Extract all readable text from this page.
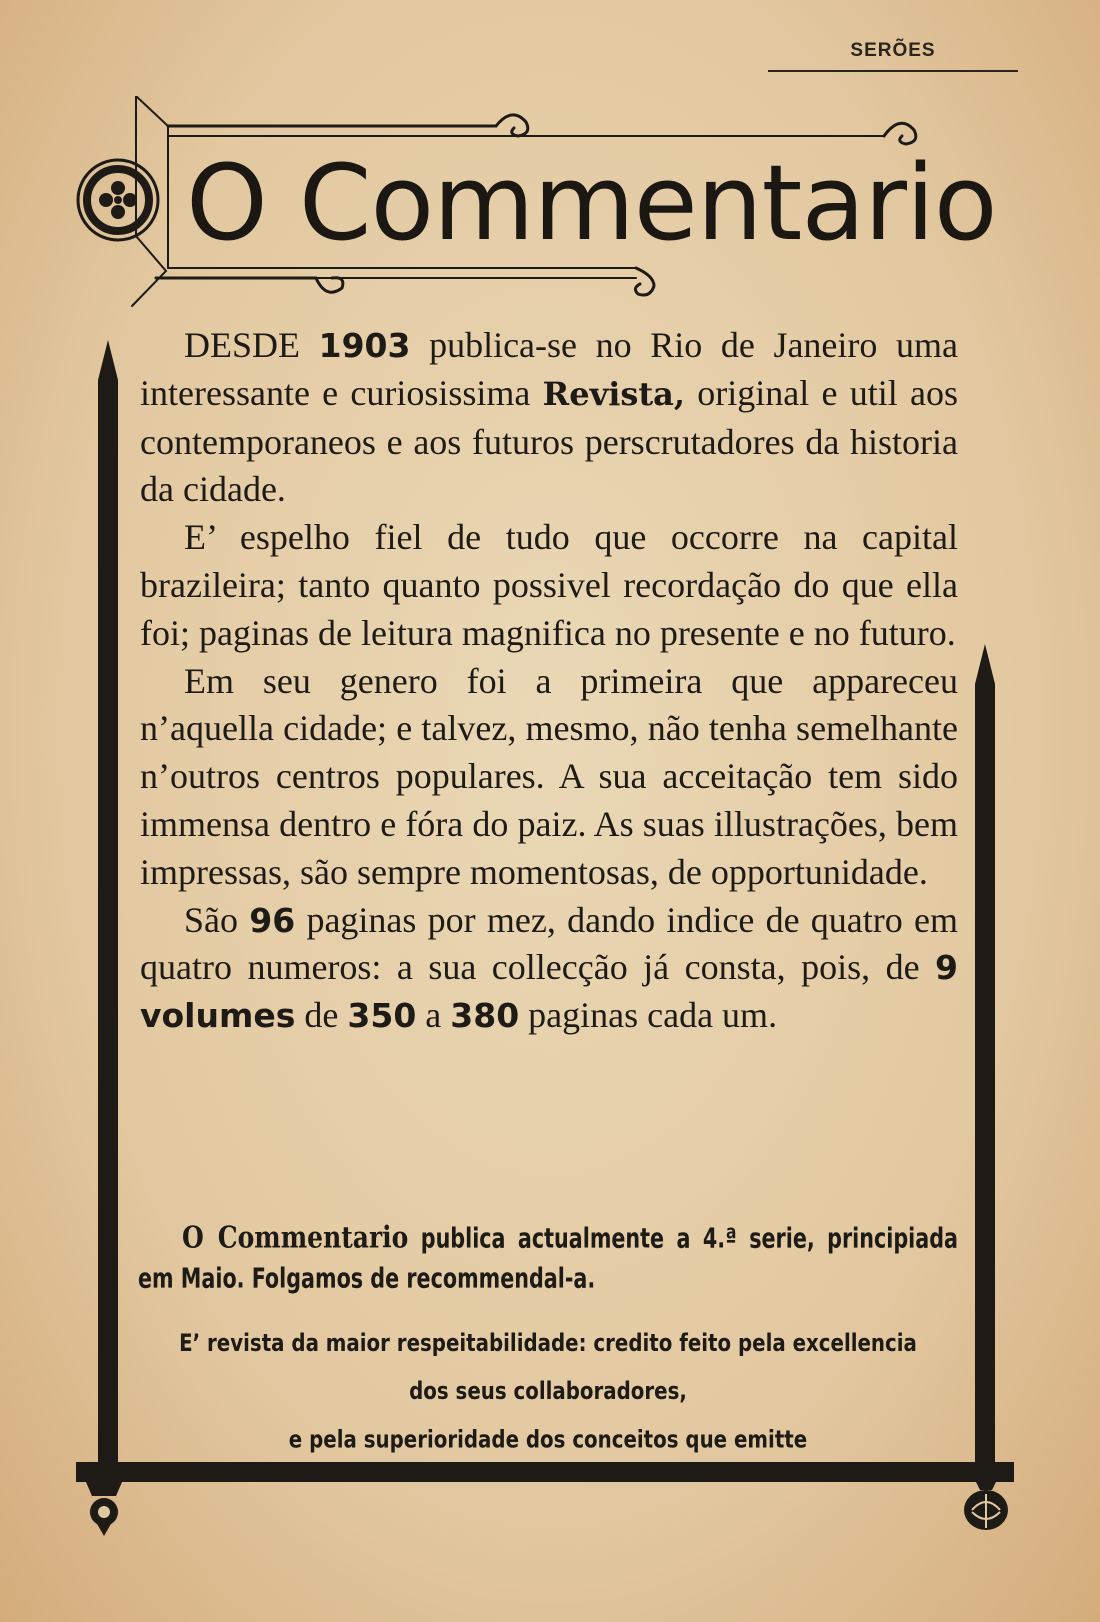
SERÕES
O Commentario

DESDE 1903 publica-se no Rio de Janeiro uma interessante e curiosissima Revista, original e util aos contemporaneos e aos futuros perscrutadores da historia da cidade.

E’ espelho fiel de tudo que occorre na capital brazileira; tanto quanto possivel recordação do que ella foi; paginas de leitura magnifica no presente e no futuro.

Em seu genero foi a primeira que appareceu n’aquella cidade; e talvez, mesmo, não tenha semelhante n’outros centros populares. A sua acceitação tem sido immensa dentro e fóra do paiz. As suas illustrações, bem impressas, são sempre momentosas, de opportunidade.

São 96 paginas por mez, dando indice de quatro em quatro numeros: a sua collecção já consta, pois, de 9 volumes de 350 a 380 paginas cada um.

O Commentario publica actualmente a 4.ª serie, principiada em Maio. Folgamos de recommendal-a.

E’ revista da maior respeitabilidade: credito feito pela excellencia
dos seus collaboradores,
e pela superioridade dos conceitos que emitte
